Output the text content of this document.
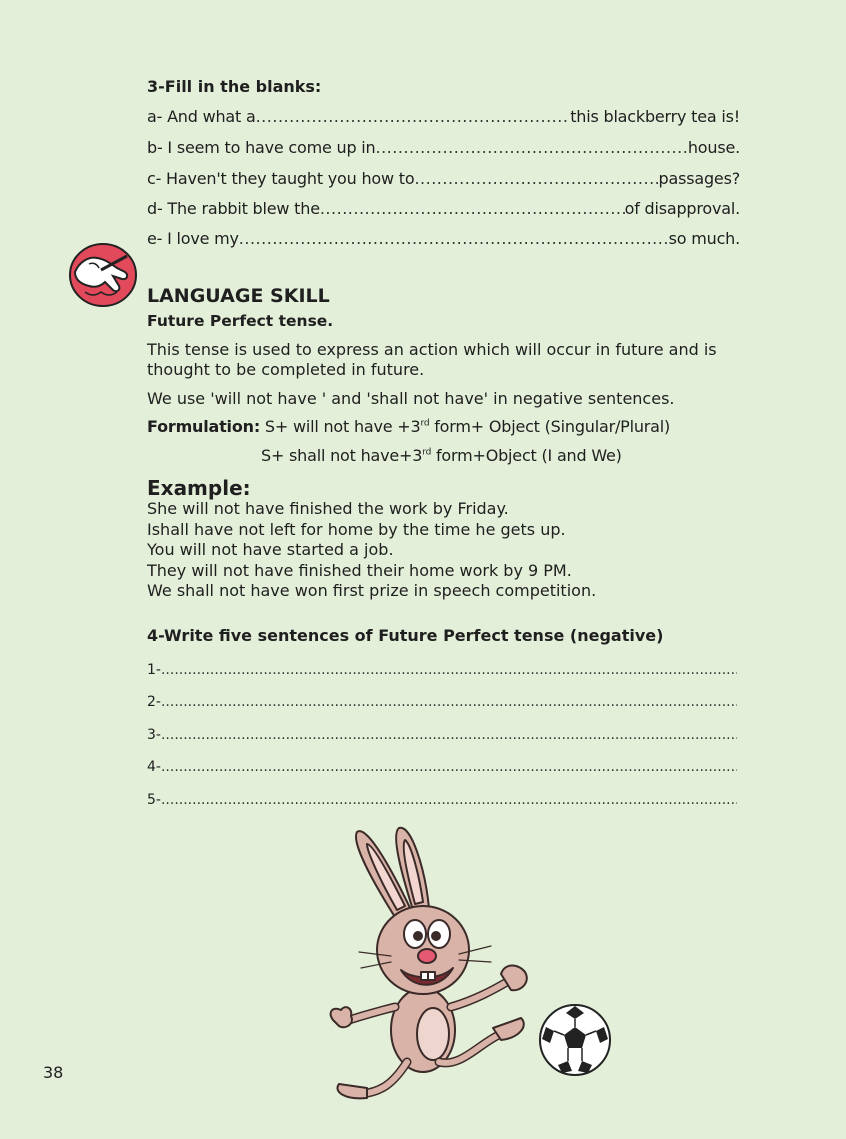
3-Fill in the blanks:
a- And what a .....	this blackberry tea is!
b- I seem to have come up in .....	house.
c- Haven't they taught you how to .....	passages?
d- The rabbit blew the .....	of disapproval.
e- I love my .....	so much.
LANGUAGE SKILL
Future Perfect tense.
This tense is used to express an action which will occur in future and is thought to be completed in future.
We use 'will not have ' and 'shall not have' in negative sentences.
Formulation: S+ will not have +3rd form+ Object (Singular/Plural)
S+ shall not have+3rd form+Object (I and We)
Example:
She will not have finished the work by Friday.
Ishall have not left for home by the time he gets up.
You will not have started a job.
They will not have finished their home work by 9 PM.
We shall not have won first prize in speech competition.
4-Write five sentences of Future Perfect tense (negative)
1-
.....
2-
.....
3-
.....
4-
.....
5-
.....
38
